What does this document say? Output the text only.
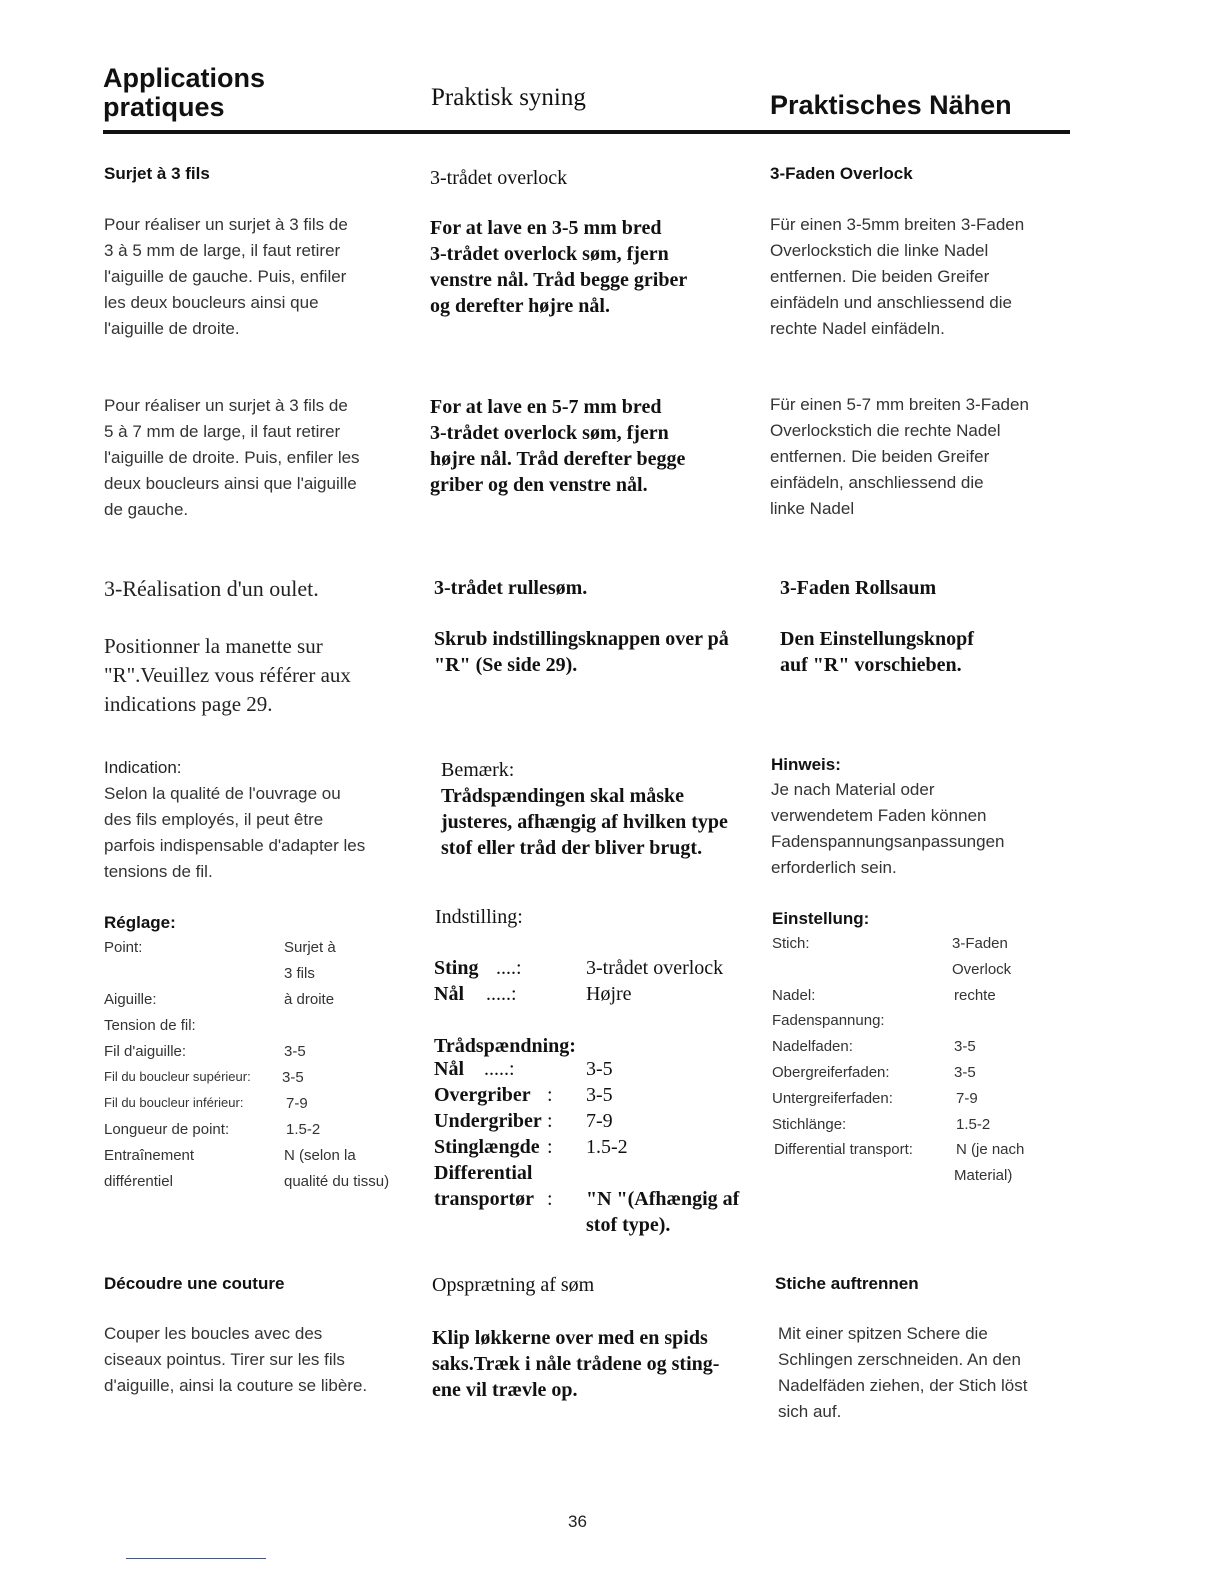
Applications
pratiques	Praktisk syning	Praktisches Nähen
Surjet à 3 fils
Pour réaliser un surjet à 3 fils de
3 à 5 mm de large, il faut retirer
l'aiguille de gauche. Puis, enfiler
les deux boucleurs ainsi que
l'aiguille de droite.
Pour réaliser un surjet à 3 fils de
5 à 7 mm de large, il faut retirer
l'aiguille de droite. Puis, enfiler les
deux boucleurs ainsi que l'aiguille
de gauche.
3-Réalisation d'un oulet.
Positionner la manette sur
"R".Veuillez vous référer aux
indications page 29.
Indication:
Selon la qualité de l'ouvrage ou
des fils employés, il peut être
parfois indispensable d'adapter les
tensions de fil.
Réglage:
Point:	Surjet à
3 fils
Aiguille:	à droite
Tension de fil:
Fil d'aiguille:	3-5
Fil du boucleur supérieur: 3-5
Fil du boucleur inférieur:	7-9
Longueur de point:	1.5-2
Entraînement	N (selon la
différentiel	qualité du tissu)
Découdre une couture
Couper les boucles avec des
ciseaux pointus. Tirer sur les fils
d'aiguille, ainsi la couture se libère.
3-trådet overlock
For at lave en 3-5 mm bred
3-trådet overlock søm, fjern
venstre nål. Tråd begge griber
og derefter højre nål.
For at lave en 5-7 mm bred
3-trådet overlock søm, fjern
højre nål. Tråd derefter begge
griber og den venstre nål.
3-trådet rullesøm.
Skrub indstillingsknappen over på
"R" (Se side 29).
Bemærk:
Trådspændingen skal måske
justeres, afhængig af hvilken type
stof eller tråd der bliver brugt.
Indstilling:
Sting ....:	3-trådet overlock
Nål .....:	Højre
Trådspændning:
Nål .....:	3-5
Overgriber : 3-5
Undergriber : 7-9
Stinglængde : 1.5-2
Differential
transportør : "N "(Afhængig af
stof type).
Opsprætning af søm
Klip løkkerne over med en spids
saks.Træk i nåle trådene og sting-
ene vil trævle op.
3-Faden Overlock
Für einen 3-5mm breiten 3-Faden
Overlockstich die linke Nadel
entfernen. Die beiden Greifer
einfädeln und anschliessend die
rechte Nadel einfädeln.
Für einen 5-7 mm breiten 3-Faden
Overlockstich die rechte Nadel
entfernen. Die beiden Greifer
einfädeln, anschliessend die
linke Nadel
3-Faden Rollsaum
Den Einstellungsknopf
auf "R" vorschieben.
Hinweis:
Je nach Material oder
verwendetem Faden können
Fadenspannungsanpassungen
erforderlich sein.
Einstellung:
Stich:	3-Faden
Overlock
Nadel:	rechte
Fadenspannung:
Nadelfaden:	3-5
Obergreiferfaden:	3-5
Untergreiferfaden:	7-9
Stichlänge:	1.5-2
Differential transport:	N (je nach
Material)
Stiche auftrennen
Mit einer spitzen Schere die
Schlingen zerschneiden. An den
Nadelfäden ziehen, der Stich löst
sich auf.
36
